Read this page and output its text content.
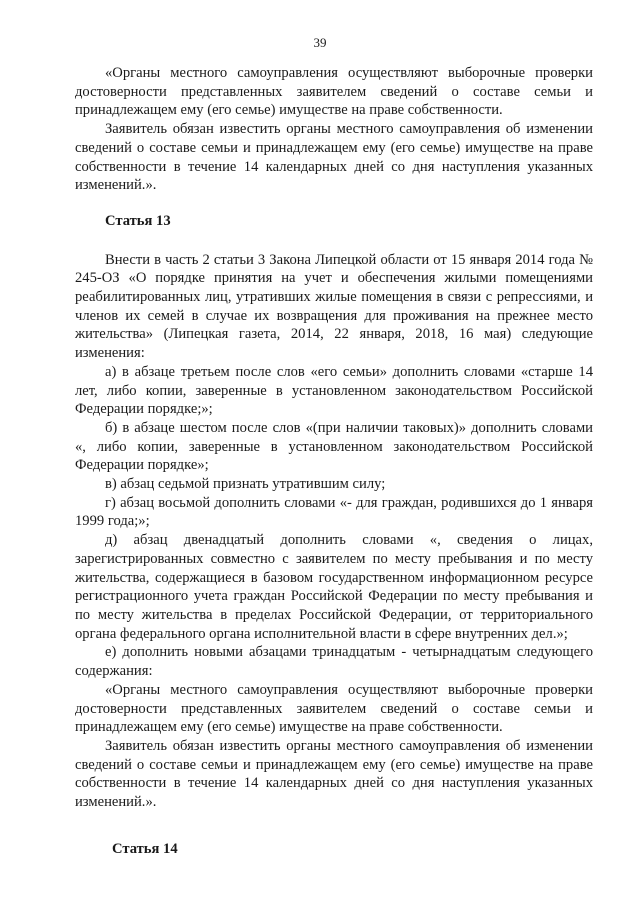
39

«Органы местного самоуправления осуществляют выборочные проверки достоверности представленных заявителем сведений о составе семьи и принадлежащем ему (его семье) имуществе на праве собственности.

Заявитель обязан известить органы местного самоуправления об изменении сведений о составе семьи и принадлежащем ему (его семье) имуществе на праве собственности в течение 14 календарных дней со дня наступления указанных изменений.».

Статья 13

Внести в часть 2 статьи 3 Закона Липецкой области от 15 января 2014 года № 245-ОЗ «О порядке принятия на учет и обеспечения жилыми помещениями реабилитированных лиц, утративших жилые помещения в связи с репрессиями, и членов их семей в случае их возвращения для проживания на прежнее место жительства» (Липецкая газета, 2014, 22 января, 2018, 16 мая) следующие изменения:

а) в абзаце третьем после слов «его семьи» дополнить словами «старше 14 лет, либо копии, заверенные в установленном законодательством Российской Федерации порядке;»;

б) в абзаце шестом после слов «(при наличии таковых)» дополнить словами «, либо копии, заверенные в установленном законодательством Российской Федерации порядке»;

в) абзац седьмой признать утратившим силу;

г) абзац восьмой дополнить словами «- для граждан, родившихся до 1 января 1999 года;»;

д) абзац двенадцатый дополнить словами «, сведения о лицах, зарегистрированных совместно с заявителем по месту пребывания и по месту жительства, содержащиеся в базовом государственном информационном ресурсе регистрационного учета граждан Российской Федерации по месту пребывания и по месту жительства в пределах Российской Федерации, от территориального органа федерального органа исполнительной власти в сфере внутренних дел.»;

е) дополнить новыми абзацами тринадцатым - четырнадцатым следующего содержания:

«Органы местного самоуправления осуществляют выборочные проверки достоверности представленных заявителем сведений о составе семьи и принадлежащем ему (его семье) имуществе на праве собственности.

Заявитель обязан известить органы местного самоуправления об изменении сведений о составе семьи и принадлежащем ему (его семье) имуществе на праве собственности в течение 14 календарных дней со дня наступления указанных изменений.».

Статья 14
